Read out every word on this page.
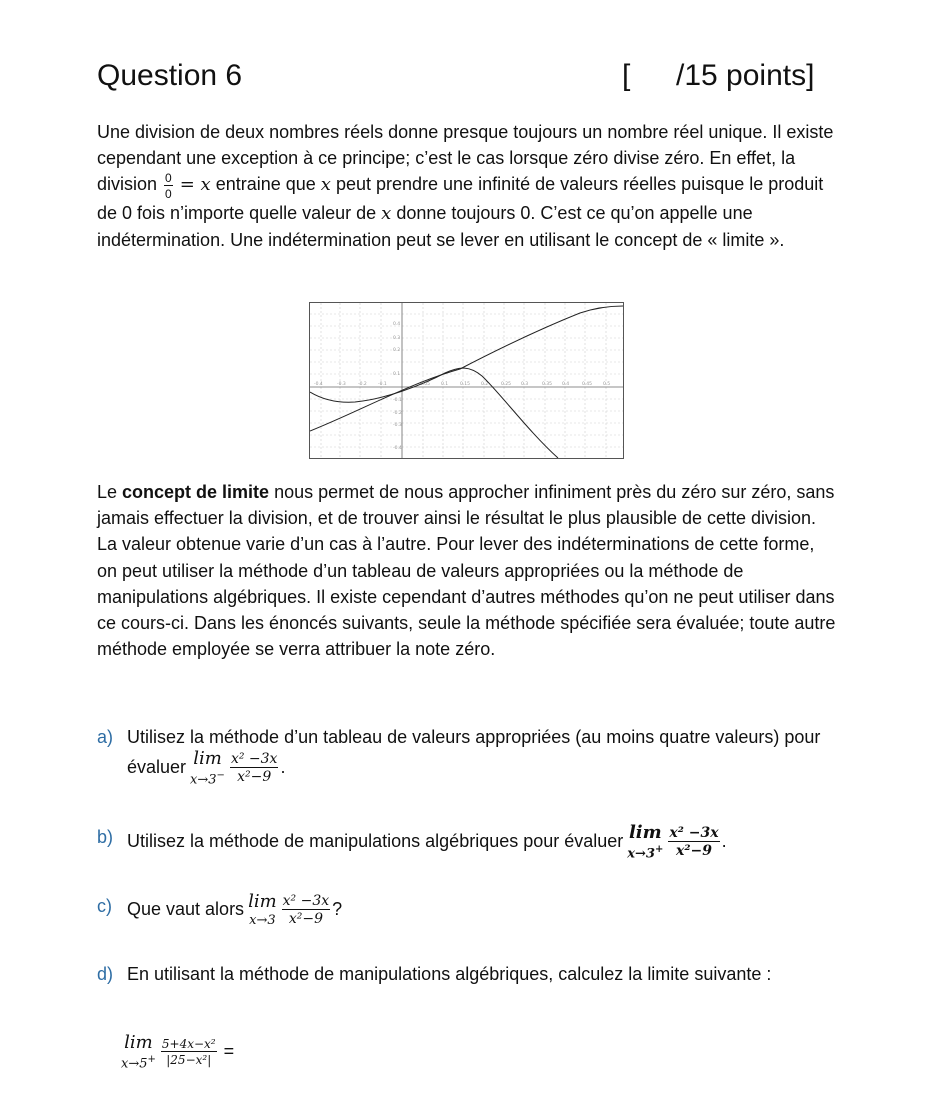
Question 6	[ /15 points]

Une division de deux nombres réels donne presque toujours un nombre réel unique. Il existe cependant une exception à ce principe; c’est le cas lorsque zéro divise zéro. En effet, la division $\frac{0}{0} = x$ entraine que x peut prendre une infinité de valeurs réelles puisque le produit de 0 fois n’importe quelle valeur de x donne toujours 0. C’est ce qu’on appelle une indétermination. Une indétermination peut se lever en utilisant le concept de « limite ».

-0.4	-0.3	-0.2 -0.1	0.05 0.1	0.15 0.2	0.25 0.3	0.35 0.4	0.45 0.5
0.4
0.3
0.2
0.1
-0.1
-0.2
-0.3
-0.4

Le concept de limite nous permet de nous approcher infiniment près du zéro sur zéro, sans jamais effectuer la division, et de trouver ainsi le résultat le plus plausible de cette division. La valeur obtenue varie d’un cas à l’autre. Pour lever des indéterminations de cette forme, on peut utiliser la méthode d’un tableau de valeurs appropriées ou la méthode de manipulations algébriques. Il existe cependant d’autres méthodes qu’on ne peut utiliser dans ce cours-ci. Dans les énoncés suivants, seule la méthode spécifiée sera évaluée; toute autre méthode employée se verra attribuer la note zéro.

a) Utilisez la méthode d’un tableau de valeurs appropriées (au moins quatre valeurs) pour évaluer lim
$x\to 3^- \frac{\text{x² −3x}}{\text{x²−9}}$ .
b) Utilisez la méthode de manipulations algébriques pour évaluer lim
$x\to 3^+ \frac{\text{x² −3x}}{\text{x²−9}}$ .
c) Que vaut alors lim
$x\to 3 \frac{\text{x² −3x}}{\text{x²−9}}$ ?
d) En utilisant la méthode de manipulations algébriques, calculez la limite suivante :
lim
$x\to 5^+ \frac{\text{5+4x−x²}}{\text{|25−x²|}}$ =
